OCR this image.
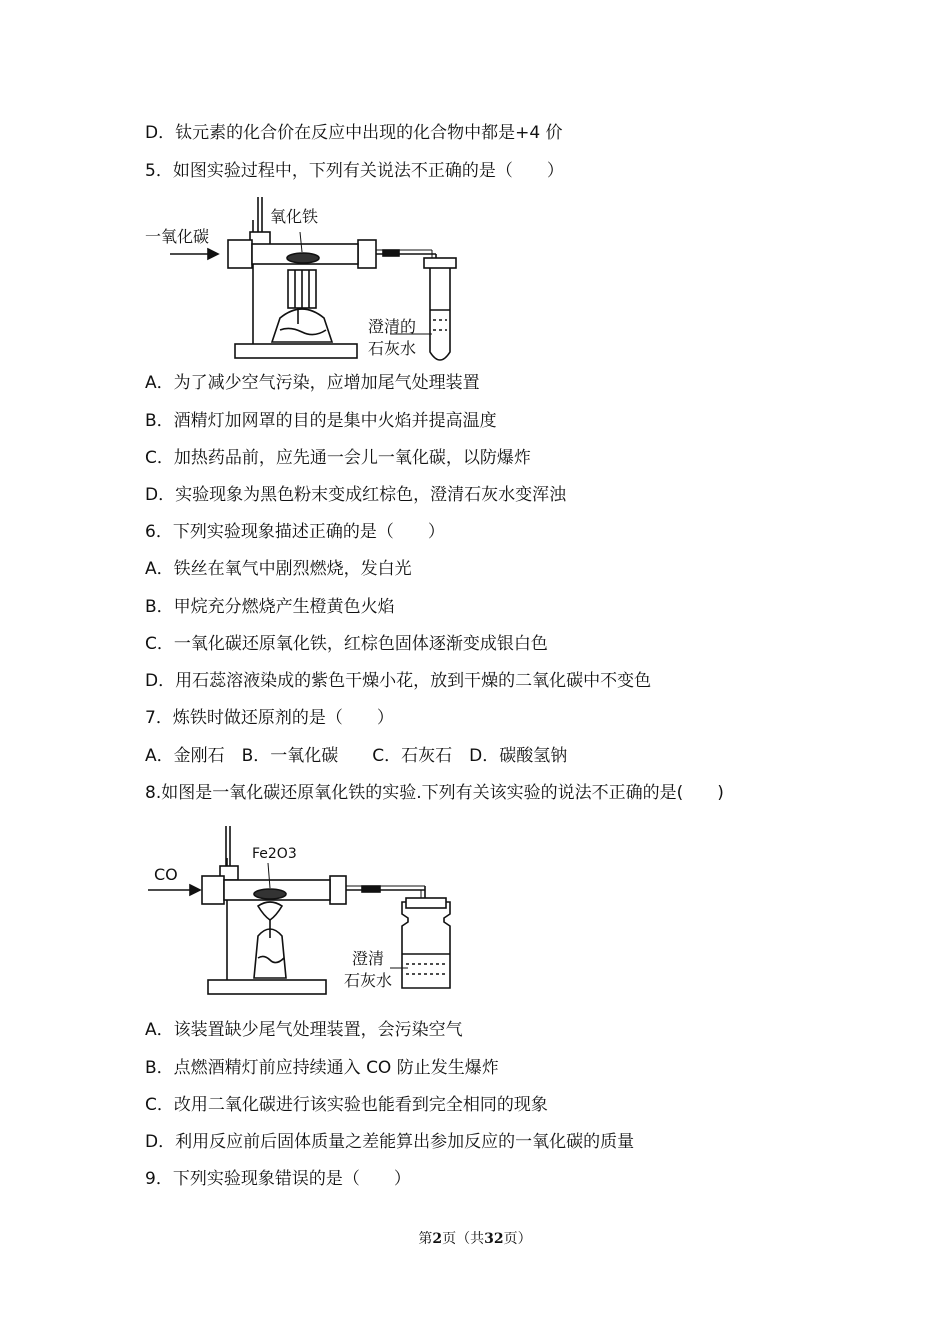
D．钛元素的化合价在反应中出现的化合物中都是+4 价
5．如图实验过程中，下列有关说法不正确的是（　　）
一氧化碳
氧化铁
澄清的
石灰水
A．为了减少空气污染，应增加尾气处理装置
B．酒精灯加网罩的目的是集中火焰并提高温度
C．加热药品前，应先通一会儿一氧化碳，以防爆炸
D．实验现象为黑色粉末变成红棕色，澄清石灰水变浑浊
6．下列实验现象描述正确的是（　　）
A．铁丝在氧气中剧烈燃烧，发白光
B．甲烷充分燃烧产生橙黄色火焰
C．一氧化碳还原氧化铁，红棕色固体逐渐变成银白色
D．用石蕊溶液染成的紫色干燥小花，放到干燥的二氧化碳中不变色
7．炼铁时做还原剂的是（　　）
A．金刚石　B．一氧化碳　　C．石灰石　D．碳酸氢钠
8.如图是一氧化碳还原氧化铁的实验.下列有关该实验的说法不正确的是(　　)
CO
Fe2O3
澄清
石灰水
A．该装置缺少尾气处理装置，会污染空气
B．点燃酒精灯前应持续通入 CO 防止发生爆炸
C．改用二氧化碳进行该实验也能看到完全相同的现象
D．利用反应前后固体质量之差能算出参加反应的一氧化碳的质量
9．下列实验现象错误的是（　　）
第2页（共32页）
